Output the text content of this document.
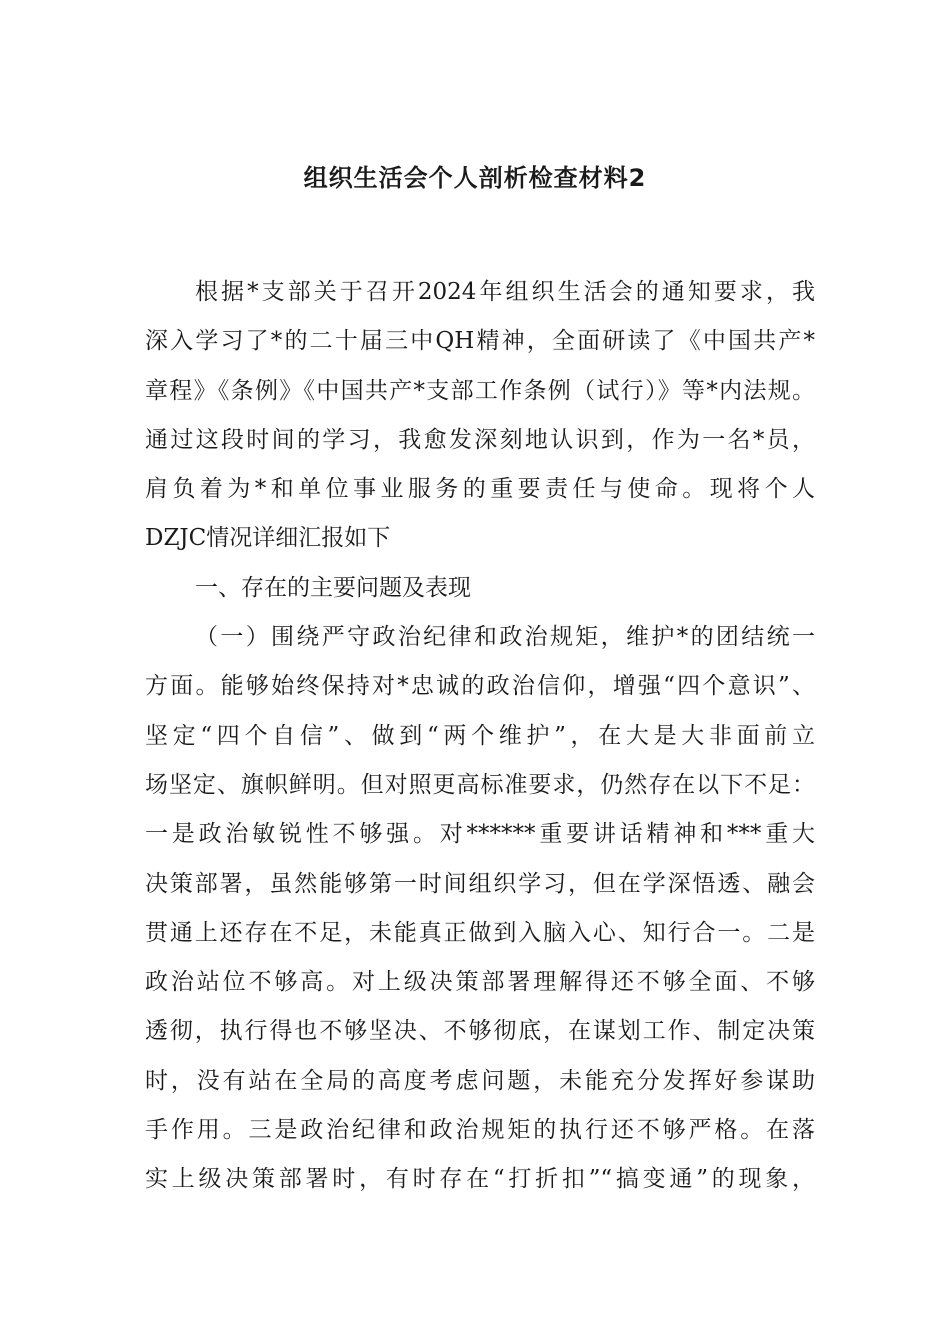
组织生活会个人剖析检查材料2
根据*支部关于召开2024年组织生活会的通知要求，我
深入学习了*的二十届三中QH精神，全面研读了《中国共产*
章程》《条例》《中国共产*支部工作条例（试行）》等*内法规。
通过这段时间的学习，我愈发深刻地认识到，作为一名*员，
肩负着为*和单位事业服务的重要责任与使命。现将个人
DZJC情况详细汇报如下
一、存在的主要问题及表现
（一）围绕严守政治纪律和政治规矩，维护*的团结统一
方面。能够始终保持对*忠诚的政治信仰，增强“四个意识”、
坚定“四个自信”、做到“两个维护”，在大是大非面前立
场坚定、旗帜鲜明。但对照更高标准要求，仍然存在以下不足：
一是政治敏锐性不够强。对******重要讲话精神和***重大
决策部署，虽然能够第一时间组织学习，但在学深悟透、融会
贯通上还存在不足，未能真正做到入脑入心、知行合一。二是
政治站位不够高。对上级决策部署理解得还不够全面、不够
透彻，执行得也不够坚决、不够彻底，在谋划工作、制定决策
时，没有站在全局的高度考虑问题，未能充分发挥好参谋助
手作用。三是政治纪律和政治规矩的执行还不够严格。在落
实上级决策部署时，有时存在“打折扣”“搞变通”的现象，
